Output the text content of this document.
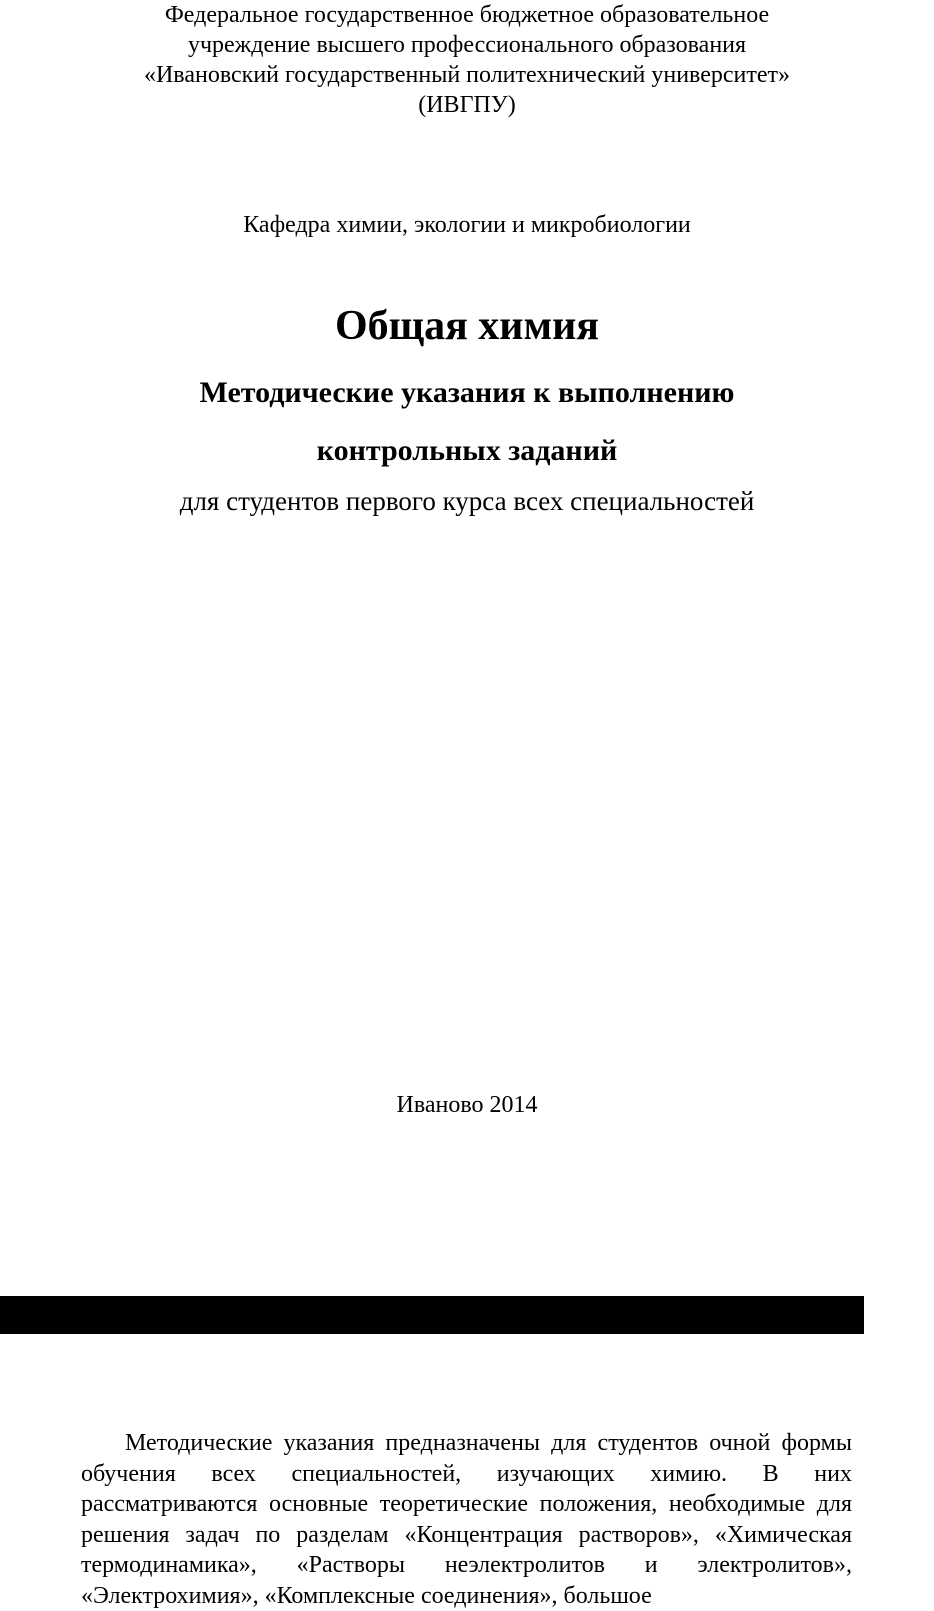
Федеральное государственное бюджетное образовательное
учреждение высшего профессионального образования
«Ивановский государственный политехнический университет»
(ИВГПУ)
Кафедра химии, экологии и микробиологии
Общая химия
Методические указания к выполнению
контрольных заданий
для студентов первого курса всех специальностей
Иваново 2014

Методические указания предназначены для студентов очной формы обучения всех специальностей, изучающих химию. В них рассматриваются основные теоретические положения, необходимые для решения задач по разделам «Концентрация растворов», «Химическая термодинамика», «Растворы неэлектролитов и электролитов», «Электрохимия», «Комплексные соединения», большое
